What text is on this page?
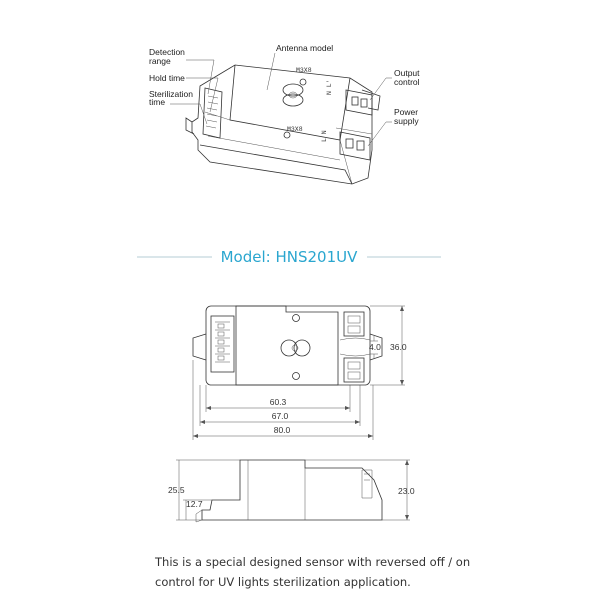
M3X8
M3X8
N L'
L N
Detection
range
Hold time
Sterilization
time
Antenna model
Output
control
Power
supply
Model: HNS201UV
4.0 36.0
60.3
67.0
80.0
25.5
12.7
23.0
This is a special designed sensor with reversed off / on
control for UV lights sterilization application.
